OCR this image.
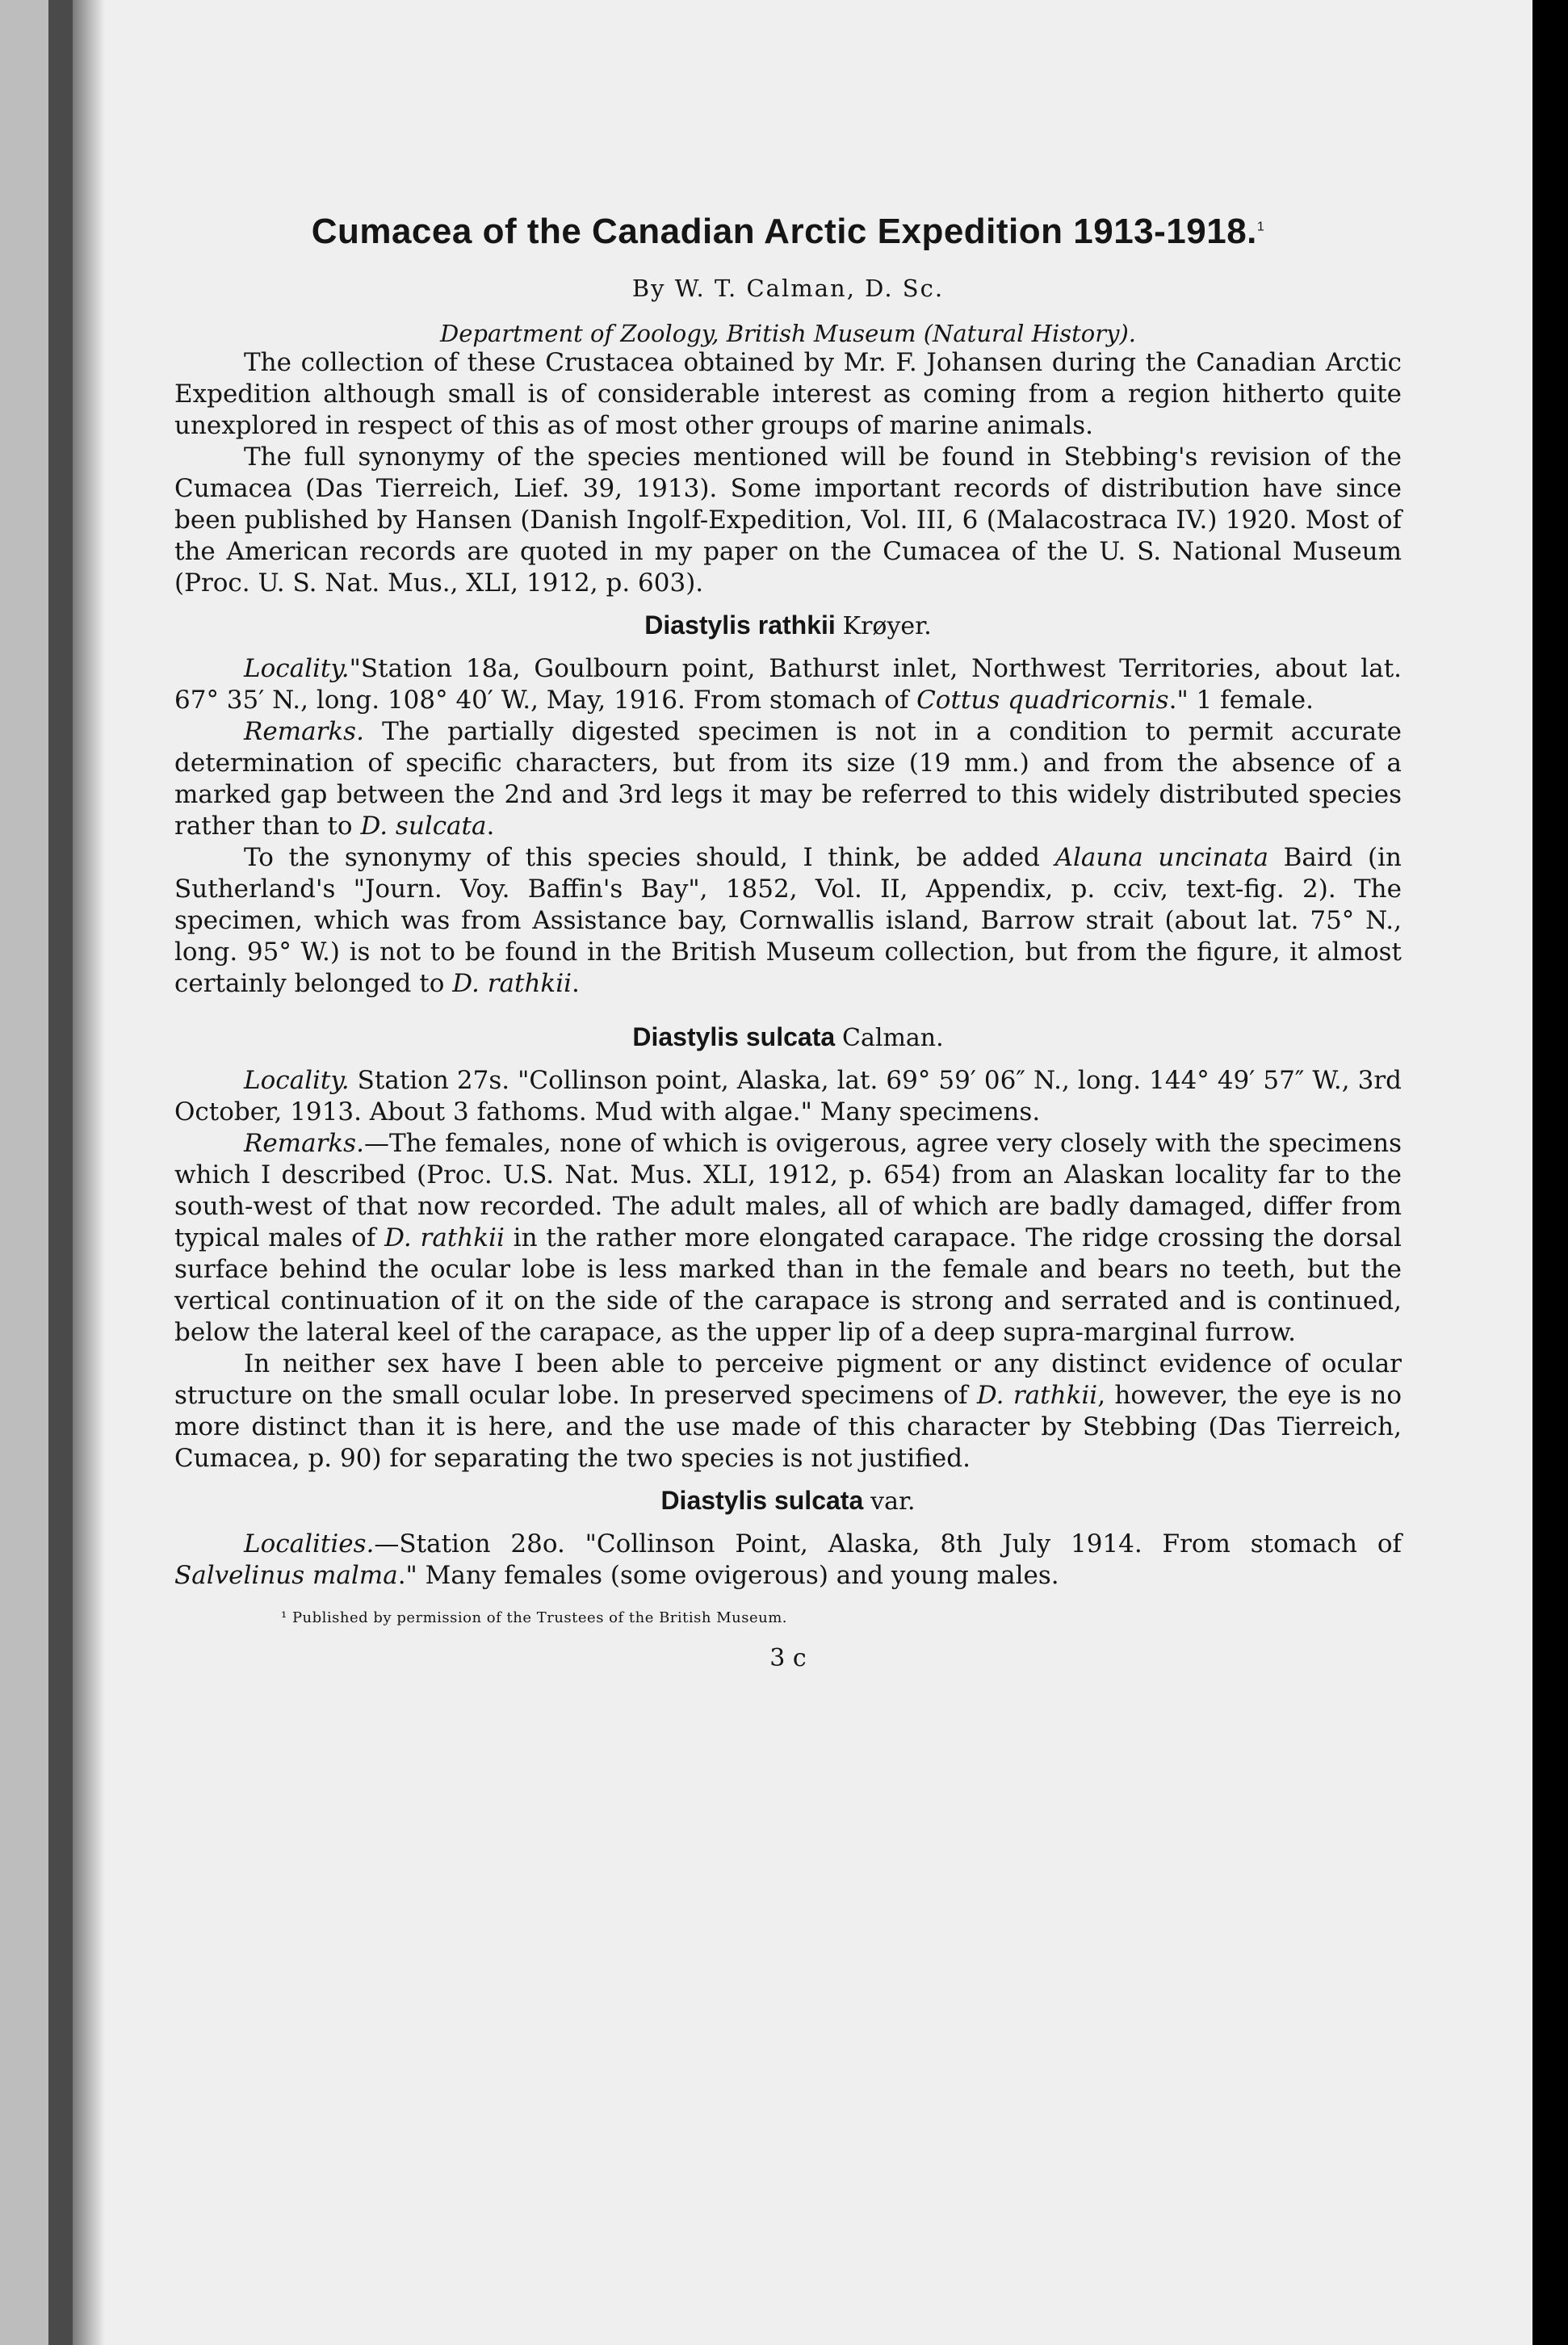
Cumacea of the Canadian Arctic Expedition 1913-1918.$^1$
By W. T. Calman, D. Sc.
Department of Zoology, British Museum (Natural History).

The collection of these Crustacea obtained by Mr. F. Johansen during the Canadian Arctic Expedition although small is of considerable interest as coming from a region hitherto quite unexplored in respect of this as of most other groups of marine animals.

The full synonymy of the species mentioned will be found in Stebbing's revision of the Cumacea (Das Tierreich, Lief. 39, 1913). Some important records of distribution have since been published by Hansen (Danish Ingolf-Expedition, Vol. III, 6 (Malacostraca IV.) 1920. Most of the American records are quoted in my paper on the Cumacea of the U. S. National Museum (Proc. U. S. Nat. Mus., XLI, 1912, p. 603).

Diastylis rathkii Krøyer.

Locality."Station 18a, Goulbourn point, Bathurst inlet, Northwest Territories, about lat. 67° 35′ N., long. 108° 40′ W., May, 1916. From stomach of Cottus quadricornis." 1 female.

Remarks. The partially digested specimen is not in a condition to permit accurate determination of specific characters, but from its size (19 mm.) and from the absence of a marked gap between the 2nd and 3rd legs it may be referred to this widely distributed species rather than to D. sulcata.

To the synonymy of this species should, I think, be added Alauna uncinata Baird (in Sutherland's "Journ. Voy. Baffin's Bay", 1852, Vol. II, Appendix, p. cciv, text-fig. 2). The specimen, which was from Assistance bay, Cornwallis island, Barrow strait (about lat. 75° N., long. 95° W.) is not to be found in the British Museum collection, but from the figure, it almost certainly belonged to D. rathkii.

Diastylis sulcata Calman.

Locality. Station 27s. "Collinson point, Alaska, lat. 69° 59′ 06″ N., long. 144° 49′ 57″ W., 3rd October, 1913. About 3 fathoms. Mud with algae." Many specimens.

Remarks.—The females, none of which is ovigerous, agree very closely with the specimens which I described (Proc. U.S. Nat. Mus. XLI, 1912, p. 654) from an Alaskan locality far to the south-west of that now recorded. The adult males, all of which are badly damaged, differ from typical males of D. rathkii in the rather more elongated carapace. The ridge crossing the dorsal surface behind the ocular lobe is less marked than in the female and bears no teeth, but the vertical continuation of it on the side of the carapace is strong and serrated and is continued, below the lateral keel of the carapace, as the upper lip of a deep supra-marginal furrow.

In neither sex have I been able to perceive pigment or any distinct evidence of ocular structure on the small ocular lobe. In preserved specimens of D. rathkii, however, the eye is no more distinct than it is here, and the use made of this character by Stebbing (Das Tierreich, Cumacea, p. 90) for separating the two species is not justified.

Diastylis sulcata var.

Localities.—Station 28o. "Collinson Point, Alaska, 8th July 1914. From stomach of Salvelinus malma." Many females (some ovigerous) and young males.

¹ Published by permission of the Trustees of the British Museum.
3 c
